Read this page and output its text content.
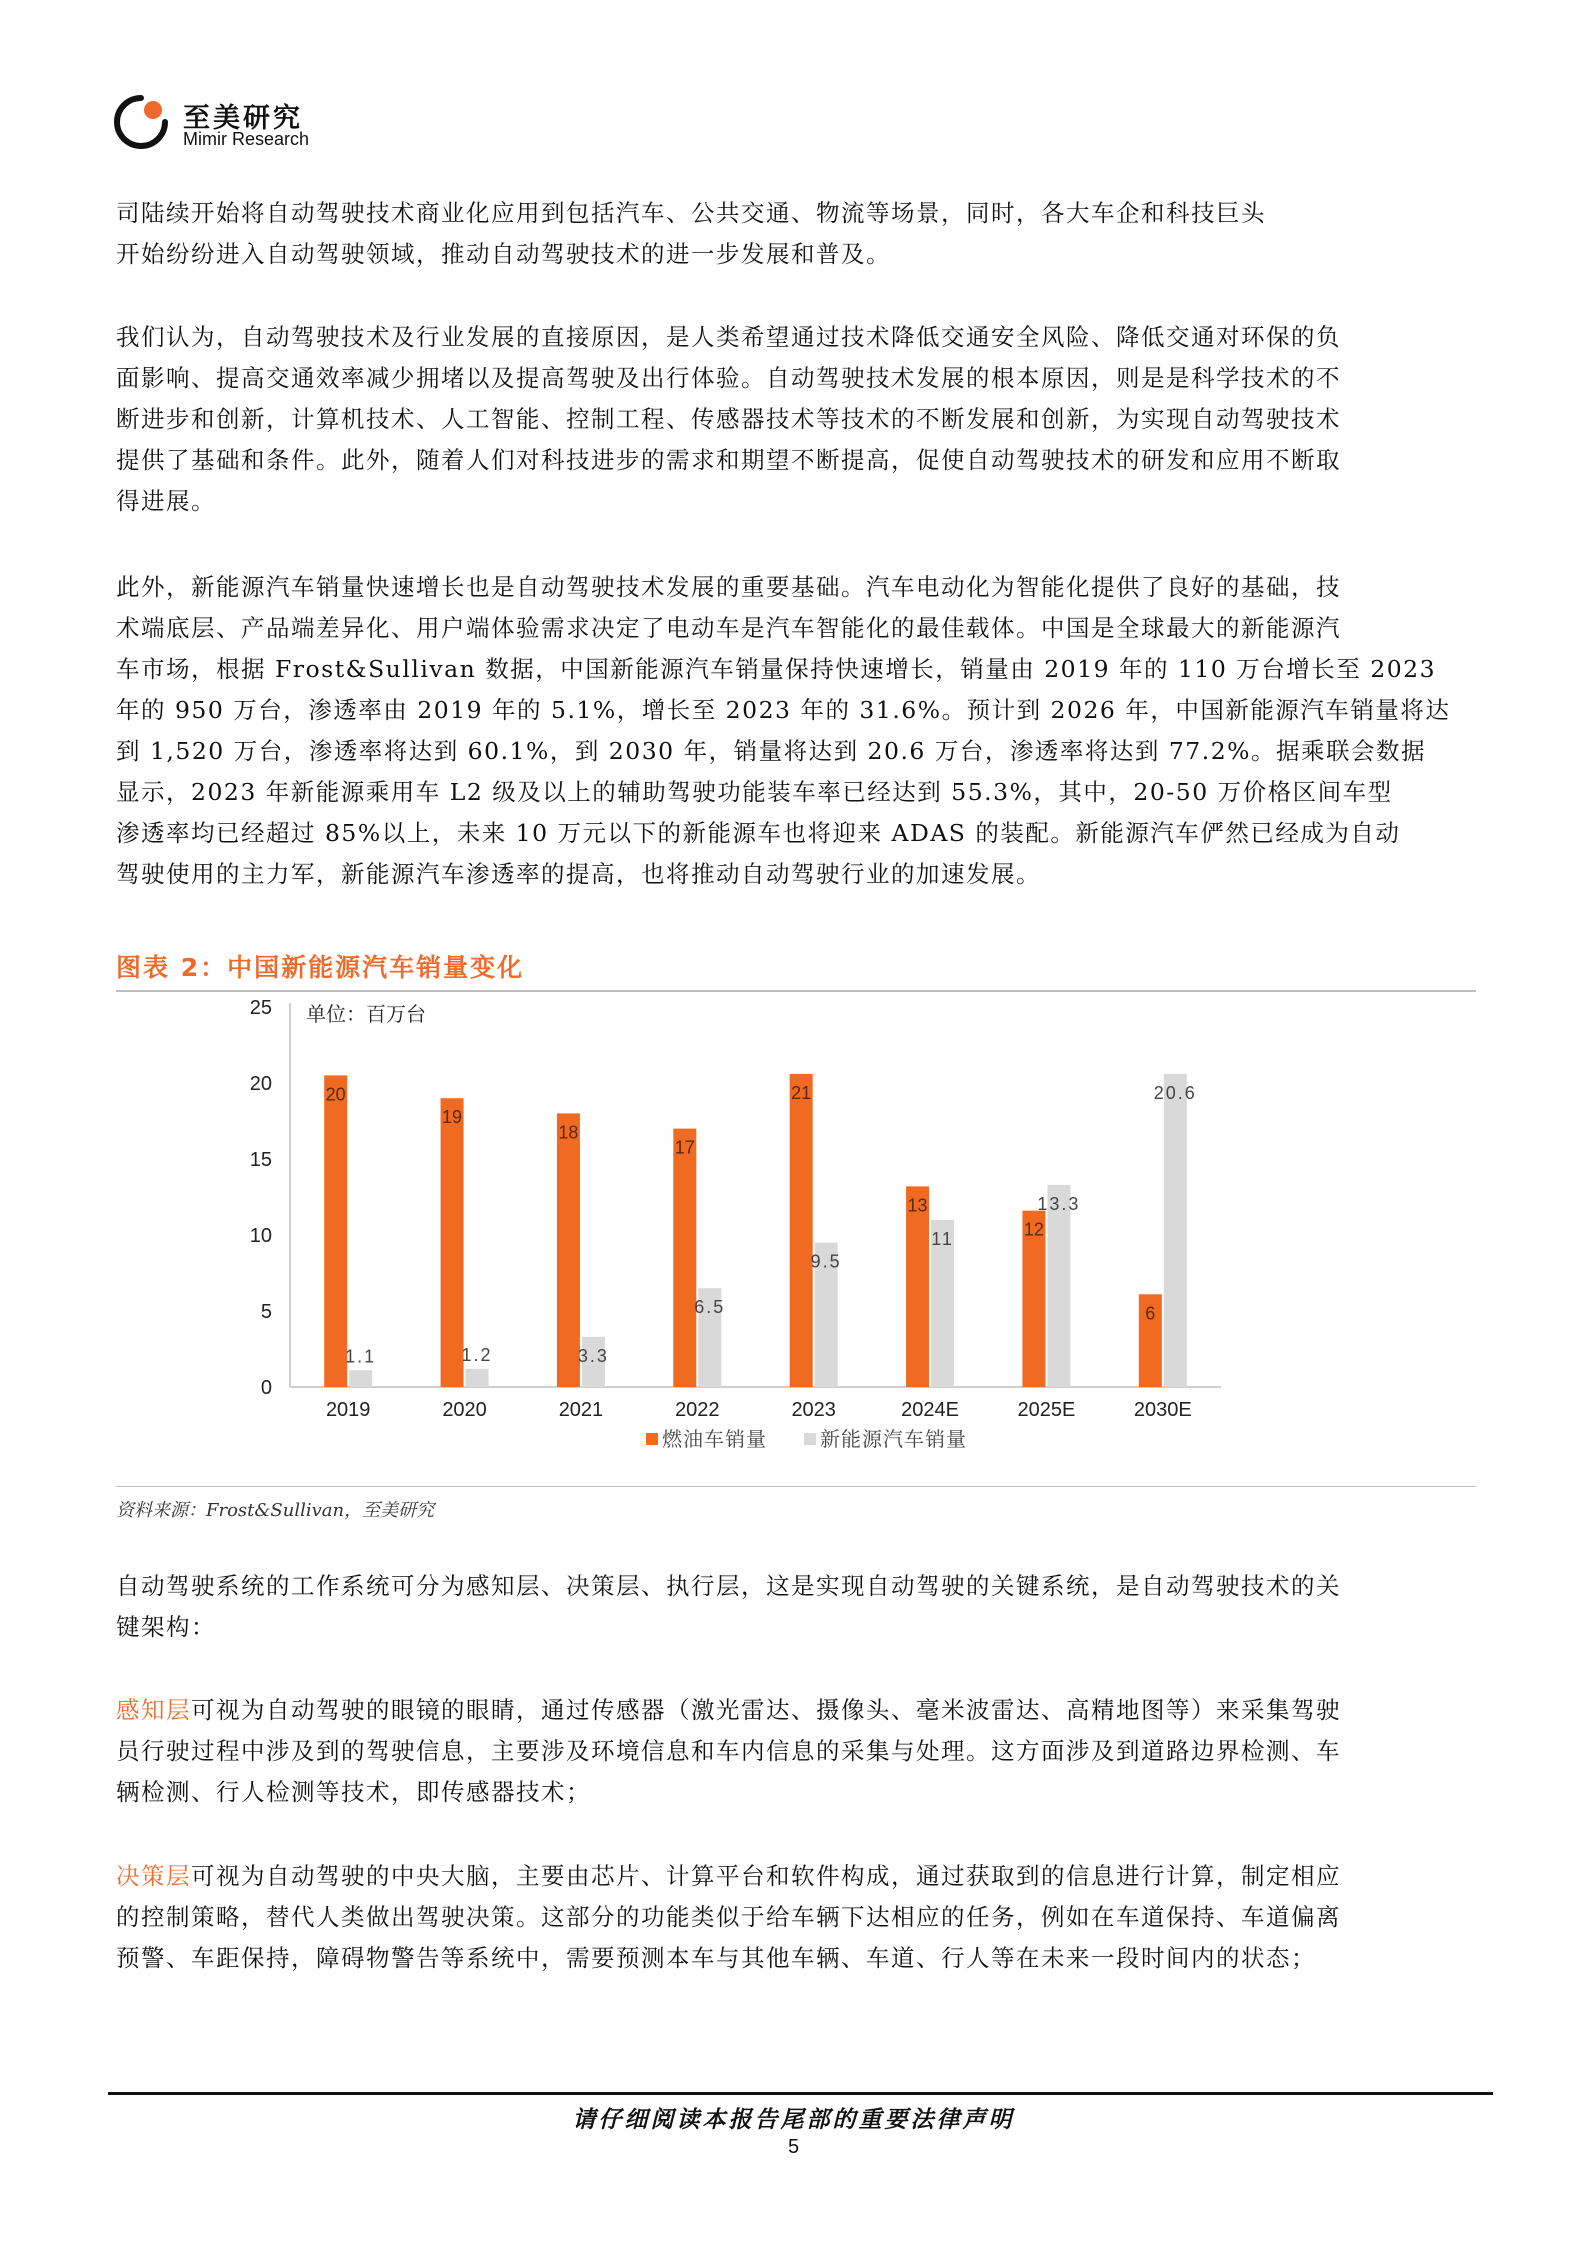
至美研究
Mimir Research
司陆续开始将自动驾驶技术商业化应用到包括汽车、公共交通、物流等场景，同时，各大车企和科技巨头
开始纷纷进入自动驾驶领域，推动自动驾驶技术的进一步发展和普及。
我们认为，自动驾驶技术及行业发展的直接原因，是人类希望通过技术降低交通安全风险、降低交通对环保的负
面影响、提高交通效率减少拥堵以及提高驾驶及出行体验。自动驾驶技术发展的根本原因，则是是科学技术的不
断进步和创新，计算机技术、人工智能、控制工程、传感器技术等技术的不断发展和创新，为实现自动驾驶技术
提供了基础和条件。此外，随着人们对科技进步的需求和期望不断提高，促使自动驾驶技术的研发和应用不断取
得进展。
此外，新能源汽车销量快速增长也是自动驾驶技术发展的重要基础。汽车电动化为智能化提供了良好的基础，技
术端底层、产品端差异化、用户端体验需求决定了电动车是汽车智能化的最佳载体。中国是全球最大的新能源汽
车市场，根据 Frost&Sullivan 数据，中国新能源汽车销量保持快速增长，销量由 2019 年的 110 万台增长至 2023
年的 950 万台，渗透率由 2019 年的 5.1%，增长至 2023 年的 31.6%。预计到 2026 年，中国新能源汽车销量将达
到 1,520 万台，渗透率将达到 60.1%，到 2030 年，销量将达到 20.6 万台，渗透率将达到 77.2%。据乘联会数据
显示，2023 年新能源乘用车 L2 级及以上的辅助驾驶功能装车率已经达到 55.3%，其中，20-50 万价格区间车型
渗透率均已经超过 85%以上，未来 10 万元以下的新能源车也将迎来 ADAS 的装配。新能源汽车俨然已经成为自动
驾驶使用的主力军，新能源汽车渗透率的提高，也将推动自动驾驶行业的加速发展。
图表 2：中国新能源汽车销量变化
0
5
10
15
20
25 单位：百万台
20
1.1
2019
19
1.2
2020
18
3.3
2021
17
6.5
2022
21
9.5
2023
13
11
2024E
12
13.3
2025E
6
20.6
2030E
燃油车销量	新能源汽车销量
资料来源：Frost&Sullivan，至美研究
自动驾驶系统的工作系统可分为感知层、决策层、执行层，这是实现自动驾驶的关键系统，是自动驾驶技术的关
键架构：
感知层可视为自动驾驶的眼镜的眼睛，通过传感器（激光雷达、摄像头、毫米波雷达、高精地图等）来采集驾驶
员行驶过程中涉及到的驾驶信息，主要涉及环境信息和车内信息的采集与处理。这方面涉及到道路边界检测、车
辆检测、行人检测等技术，即传感器技术；
决策层可视为自动驾驶的中央大脑，主要由芯片、计算平台和软件构成，通过获取到的信息进行计算，制定相应
的控制策略，替代人类做出驾驶决策。这部分的功能类似于给车辆下达相应的任务，例如在车道保持、车道偏离
预警、车距保持，障碍物警告等系统中，需要预测本车与其他车辆、车道、行人等在未来一段时间内的状态；
请仔细阅读本报告尾部的重要法律声明
5
